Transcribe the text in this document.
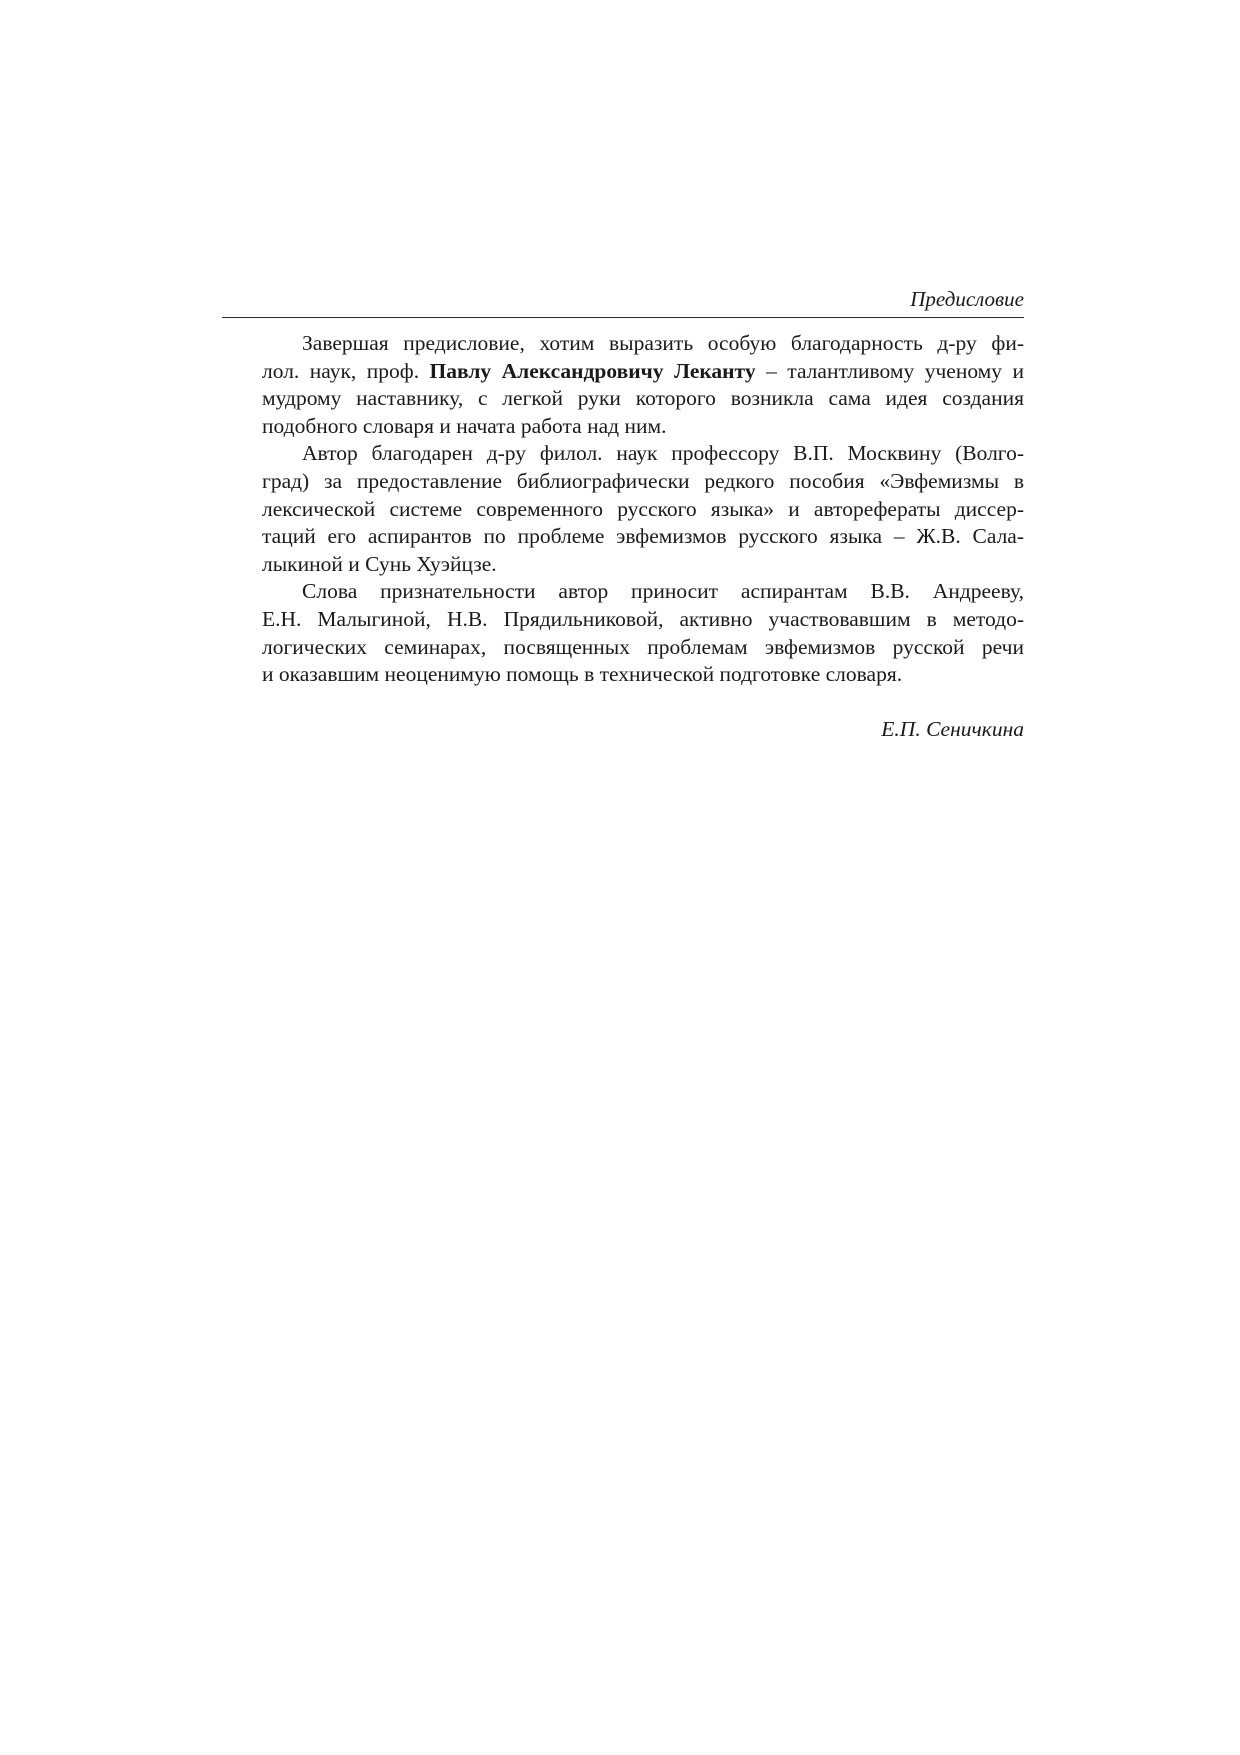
Предисловие
Завершая предисловие, хотим выразить особую благодарность д-ру фи-
лол. наук, проф. Павлу Александровичу Леканту – талантливому ученому и
мудрому наставнику, с легкой руки которого возникла сама идея создания
подобного словаря и начата работа над ним.
Автор благодарен д-ру филол. наук профессору В.П. Москвину (Волго-
град) за предоставление библиографически редкого пособия «Эвфемизмы в
лексической системе современного русского языка» и авторефераты диссер-
таций его аспирантов по проблеме эвфемизмов русского языка – Ж.В. Сала-
лыкиной и Сунь Хуэйцзе.
Слова признательности автор приносит аспирантам В.В. Андрееву,
Е.Н. Малыгиной, Н.В. Прядильниковой, активно участвовавшим в методо-
логических семинарах, посвященных проблемам эвфемизмов русской речи
и оказавшим неоценимую помощь в технической подготовке словаря.
Е.П. Сеничкина
